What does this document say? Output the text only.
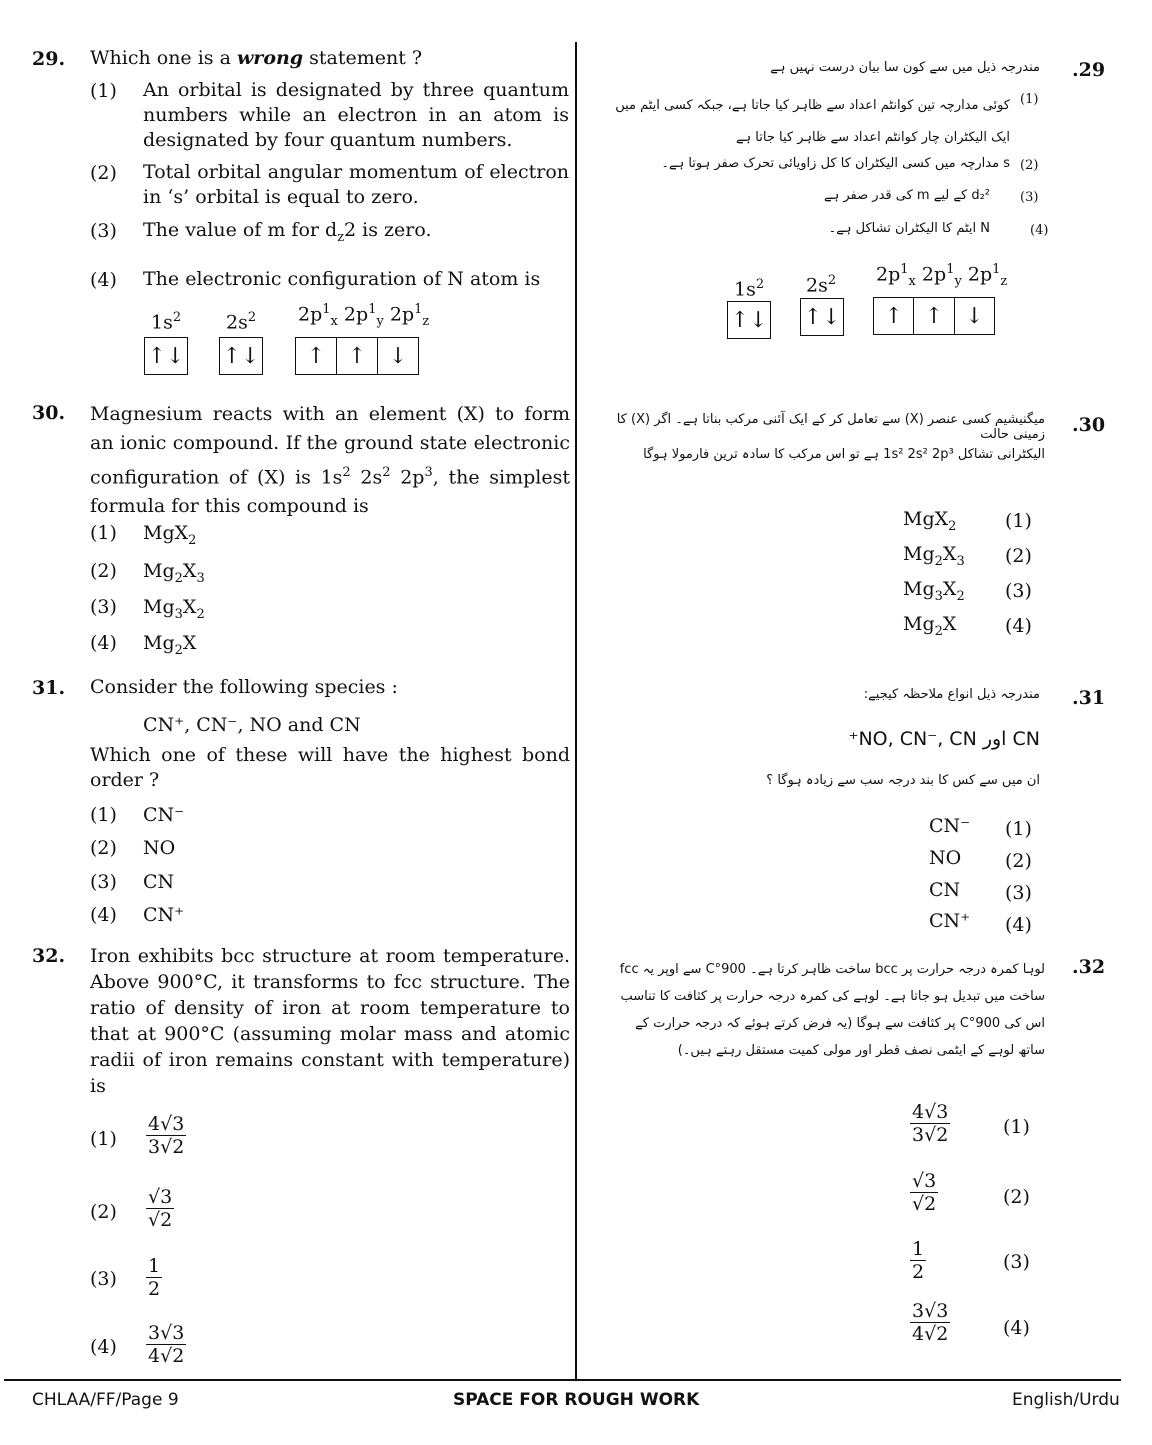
29. Which one is a wrong statement ?
(1) An orbital is designated by three quantum numbers while an electron in an atom is designated by four quantum numbers.
(2) Total orbital angular momentum of electron in ‘s’ orbital is equal to zero.
(3) The value of m for $d_z2$ is zero.
(4) The electronic configuration of N atom is
$1s^2$ $2s^2$ $2p^1_x$ $2p^1_y$ $2p^1_z$
↑↓ ↑↓	↑	↑	↓
30. Magnesium reacts with an element (X) to form an ionic compound. If the ground state electronic configuration of (X) is $1s^2$ $2s^2$ $2p^3$, the simplest formula for this compound is
(1) MgX$_2$
(2) $Mg_2X_3$
(3) $Mg_3X_2$
(4) $Mg_2X$
31. Consider the following species :
CN⁺, CN⁻, NO and CN
Which one of these will have the highest bond order ?
(1) CN⁻
(2) NO
(3) CN
(4) CN⁺
32. Iron exhibits bcc structure at room temperature. Above 900°C, it transforms to fcc structure. The ratio of density of iron at room temperature to that at 900°C (assuming molar mass and atomic radii of iron remains constant with temperature) is
$(1) \frac{4√3}{3√2}$
$(2) \frac{√3}{√2}$
$(3) \frac{1}{2}$
$(4) \frac{3√3}{4√2}$
.29
مندرجہ ذیل میں سے کون سا بیان درست نہیں ہے
(1)
کوئی مدارچہ تین کوانٹم اعداد سے ظاہر کیا جاتا ہے، جبکہ کسی ایٹم میں ایک الیکٹران چار کوانٹم اعداد سے ظاہر کیا جاتا ہے
(2)
s مدارچہ میں کسی الیکٹران کا کل زاویائی تحرک صفر ہوتا ہے۔
(3)
d₂² کے لیے m کی قدر صفر ہے
(4)
N ایٹم کا الیکٹران تشاکل ہے۔
$1s^2$ $2s^2$ $2p^1_x$ $2p^1_y$ $2p^1_z$
↑↓ ↑↓	↑ ↑ ↓
.30
میگنیشیم کسی عنصر (X) سے تعامل کر کے ایک آئنی مرکب بناتا ہے۔ اگر (X) کا زمینی حالت
الیکٹرانی تشاکل 1s² 2s² 2p³ ہے تو اس مرکب کا سادہ ترین فارمولا ہوگا
MgX$_2$	(1)
$Mg_2X_3$ (2)
$Mg_3X_2$ (3)
$Mg_2X$	(4)
.31
مندرجہ ذیل انواع ملاحظہ کیجیے:
CN اور NO, CN⁻, CN⁺
ان میں سے کس کا بند درجہ سب سے زیادہ ہوگا ؟
CN⁻ (1)
NO (2)
CN (3)
CN⁺ (4)
.32
لوہا کمرہ درجہ حرارت پر bcc ساخت ظاہر کرتا ہے۔ 900°C سے اوپر یہ fcc ساخت میں تبدیل ہو جاتا ہے۔ لوہے کی کمرہ درجہ حرارت پر کثافت کا تناسب اس کی 900°C پر کثافت سے ہوگا (یہ فرض کرتے ہوئے کہ درجہ حرارت کے ساتھ لوہے کے ایٹمی نصف قطر اور مولی کمیت مستقل رہتے ہیں۔)
$\frac{4√3}{3√2}$	(1)
$\frac{√3}{√2}$	(2)
$\frac{1}{2}$	(3)
$\frac{3√3}{4√2}$	(4)
CHLAA/FF/Page 9	SPACE FOR ROUGH WORK	English/Urdu
